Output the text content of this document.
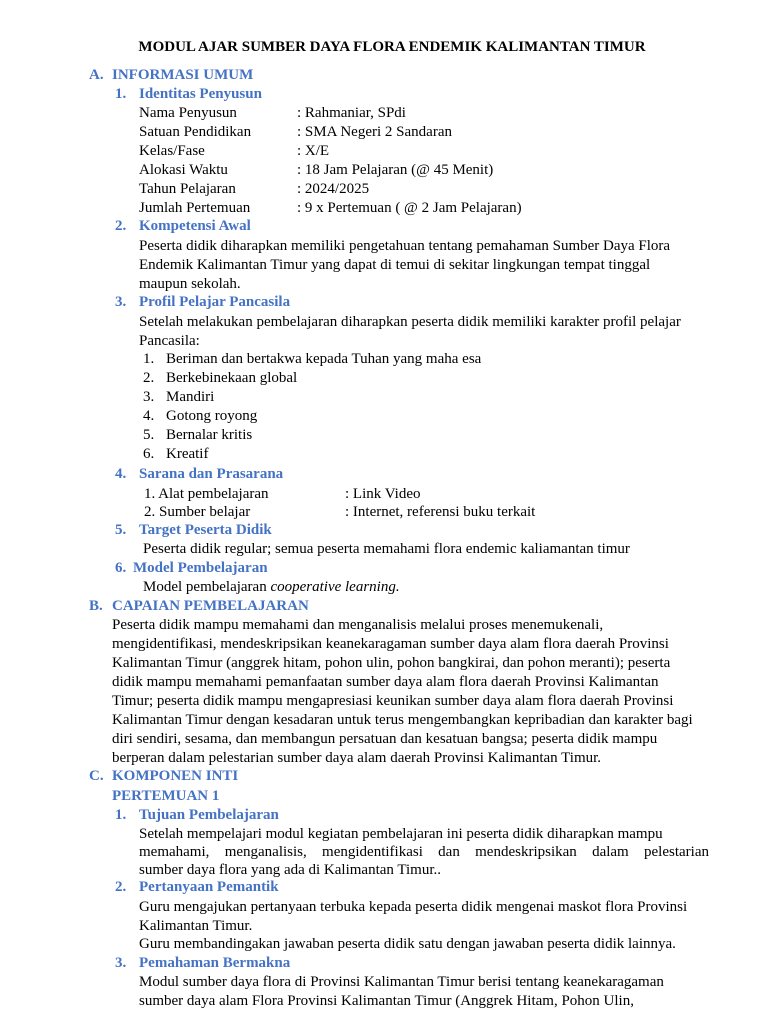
MODUL AJAR SUMBER DAYA FLORA ENDEMIK KALIMANTAN TIMUR
A. INFORMASI UMUM
1. Identitas Penyusun
Nama Penyusun	: Rahmaniar, SPdi
Satuan Pendidikan	: SMA Negeri 2 Sandaran
Kelas/Fase	: X/E
Alokasi Waktu	: 18 Jam Pelajaran (@ 45 Menit)
Tahun Pelajaran	: 2024/2025
Jumlah Pertemuan	: 9 x Pertemuan ( @ 2 Jam Pelajaran)
2. Kompetensi Awal
Peserta didik diharapkan memiliki pengetahuan tentang pemahaman Sumber Daya Flora
Endemik Kalimantan Timur yang dapat di temui di sekitar lingkungan tempat tinggal
maupun sekolah.
3. Profil Pelajar Pancasila
Setelah melakukan pembelajaran diharapkan peserta didik memiliki karakter profil pelajar
Pancasila:
1. Beriman dan bertakwa kepada Tuhan yang maha esa
2. Berkebinekaan global
3. Mandiri
4. Gotong royong
5. Bernalar kritis
6. Kreatif
4. Sarana dan Prasarana
1. Alat pembelajaran	: Link Video
2. Sumber belajar	: Internet, referensi buku terkait
5. Target Peserta Didik
Peserta didik regular; semua peserta memahami flora endemic kaliamantan timur
6. Model Pembelajaran
Model pembelajaran cooperative learning.
B. CAPAIAN PEMBELAJARAN
Peserta didik mampu memahami dan menganalisis melalui proses menemukenali,
mengidentifikasi, mendeskripsikan keanekaragaman sumber daya alam flora daerah Provinsi
Kalimantan Timur (anggrek hitam, pohon ulin, pohon bangkirai, dan pohon meranti); peserta
didik mampu memahami pemanfaatan sumber daya alam flora daerah Provinsi Kalimantan
Timur; peserta didik mampu mengapresiasi keunikan sumber daya alam flora daerah Provinsi
Kalimantan Timur dengan kesadaran untuk terus mengembangkan kepribadian dan karakter bagi
diri sendiri, sesama, dan membangun persatuan dan kesatuan bangsa; peserta didik mampu
berperan dalam pelestarian sumber daya alam daerah Provinsi Kalimantan Timur.
C. KOMPONEN INTI
PERTEMUAN 1
1. Tujuan Pembelajaran
Setelah mempelajari modul kegiatan pembelajaran ini peserta didik diharapkan mampu
memahami, menganalisis, mengidentifikasi dan mendeskripsikan dalam pelestarian
sumber daya flora yang ada di Kalimantan Timur..
2. Pertanyaan Pemantik
Guru mengajukan pertanyaan terbuka kepada peserta didik mengenai maskot flora Provinsi
Kalimantan Timur.
Guru membandingakan jawaban peserta didik satu dengan jawaban peserta didik lainnya.
3. Pemahaman Bermakna
Modul sumber daya flora di Provinsi Kalimantan Timur berisi tentang keanekaragaman
sumber daya alam Flora Provinsi Kalimantan Timur (Anggrek Hitam, Pohon Ulin,
